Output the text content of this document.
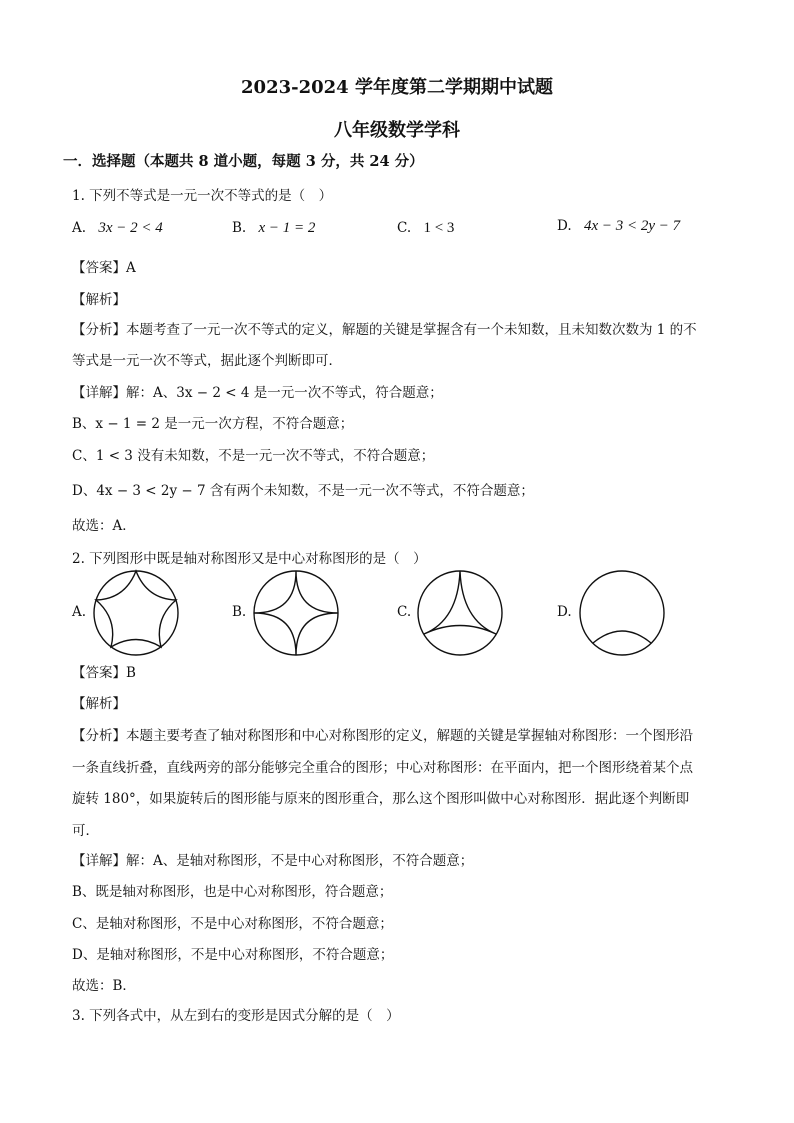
2023-2024 学年度第二学期期中试题
八年级数学学科
一．选择题（本题共 8 道小题，每题 3 分，共 24 分）
1. 下列不等式是一元一次不等式的是（　）
A. 3x − 2 < 4	B. x − 1 = 2	C. 1 < 3	D. 4x − 3 < 2y − 7
【答案】A
【解析】
【分析】本题考查了一元一次不等式的定义，解题的关键是掌握含有一个未知数，且未知数次数为 1 的不
等式是一元一次不等式，据此逐个判断即可．
【详解】解：A、3x − 2 < 4 是一元一次不等式，符合题意；
B、x − 1 = 2 是一元一次方程，不符合题意；
C、1 < 3 没有未知数，不是一元一次不等式，不符合题意；
D、4x − 3 < 2y − 7 含有两个未知数，不是一元一次不等式，不符合题意；
故选：A．
2. 下列图形中既是轴对称图形又是中心对称图形的是（　）
A.	B.	C.	D.
【答案】B
【解析】
【分析】本题主要考查了轴对称图形和中心对称图形的定义，解题的关键是掌握轴对称图形：一个图形沿
一条直线折叠，直线两旁的部分能够完全重合的图形；中心对称图形：在平面内，把一个图形绕着某个点
旋转 180°，如果旋转后的图形能与原来的图形重合，那么这个图形叫做中心对称图形．据此逐个判断即
可．
【详解】解：A、是轴对称图形，不是中心对称图形，不符合题意；
B、既是轴对称图形，也是中心对称图形，符合题意；
C、是轴对称图形，不是中心对称图形，不符合题意；
D、是轴对称图形，不是中心对称图形，不符合题意；
故选：B．
3. 下列各式中，从左到右的变形是因式分解的是（　）
